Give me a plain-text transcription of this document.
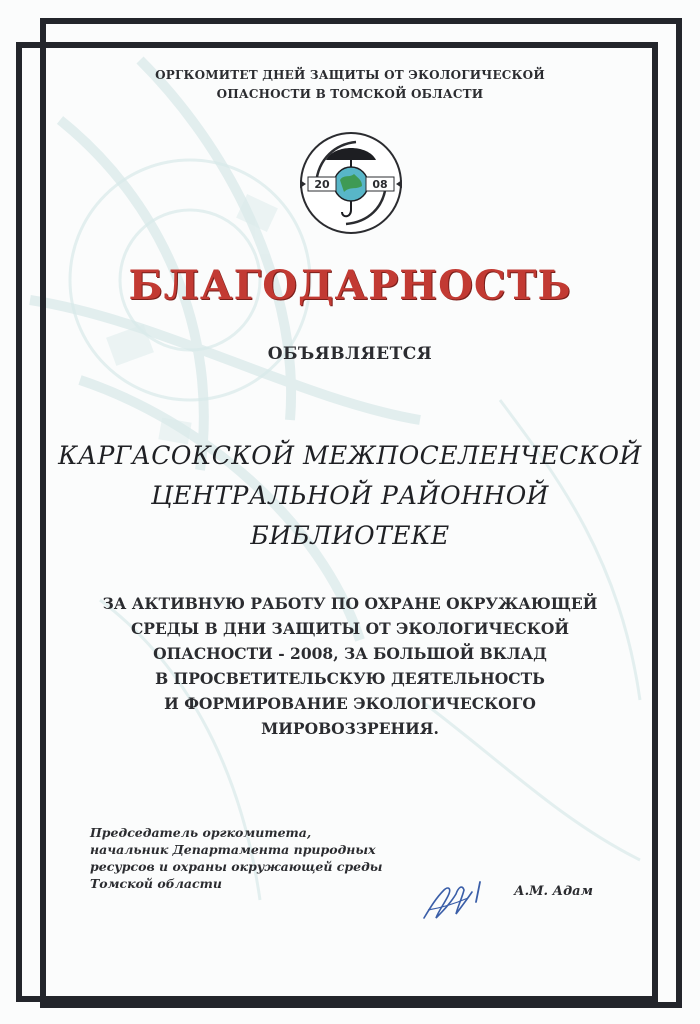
ОРГКОМИТЕТ ДНЕЙ ЗАЩИТЫ ОТ ЭКОЛОГИЧЕСКОЙ
ОПАСНОСТИ В ТОМСКОЙ ОБЛАСТИ
20	08
БЛАГОДАРНОСТЬ
ОБЪЯВЛЯЕТСЯ
КАРГАСОКСКОЙ МЕЖПОСЕЛЕНЧЕСКОЙ
ЦЕНТРАЛЬНОЙ РАЙОННОЙ
БИБЛИОТЕКЕ
ЗА АКТИВНУЮ РАБОТУ ПО ОХРАНЕ ОКРУЖАЮЩЕЙ
СРЕДЫ В ДНИ ЗАЩИТЫ ОТ ЭКОЛОГИЧЕСКОЙ
ОПАСНОСТИ - 2008, ЗА БОЛЬШОЙ ВКЛАД
В ПРОСВЕТИТЕЛЬСКУЮ ДЕЯТЕЛЬНОСТЬ
И ФОРМИРОВАНИЕ ЭКОЛОГИЧЕСКОГО
МИРОВОЗЗРЕНИЯ.
Председатель оргкомитета,
начальник Департамента природных
ресурсов и охраны окружающей среды
Томской области
А.М. Адам
